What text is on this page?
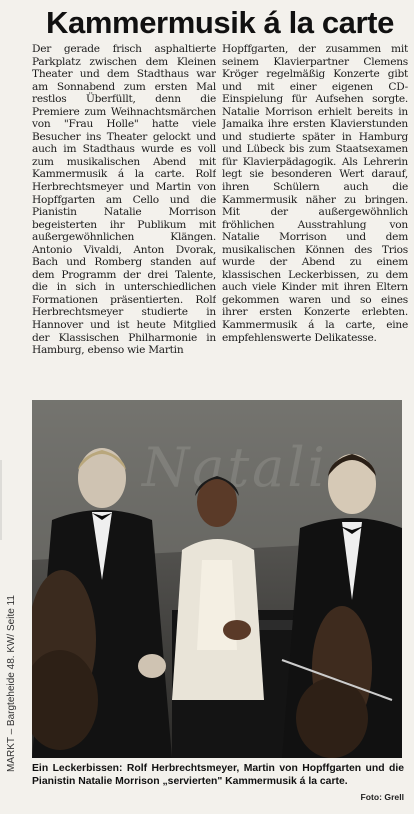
Kammermusik á la carte
Der gerade frisch asphaltierte Parkplatz zwischen dem Kleinen Theater und dem Stadthaus war am Sonnabend zum ersten Mal restlos Überfüllt, denn die Premiere zum Weihnachtsmärchen von "Frau Holle" hatte viele Besucher ins Theater gelockt und auch im Stadthaus wurde es voll zum musikalischen Abend mit Kammermusik á la carte. Rolf Herbrechtsmeyer und Martin von Hopffgarten am Cello und die Pianistin Natalie Morrison begeisterten ihr Publikum mit außergewöhnlichen Klängen. Antonio Vivaldi, Anton Dvorak, Bach und Romberg standen auf dem Programm der drei Talente, die in sich in unterschiedlichen Formationen präsentierten. Rolf Herbrechtsmeyer studierte in Hannover und ist heute Mitglied der Klassischen Philharmonie in Hamburg, ebenso wie Martin
Hopffgarten, der zusammen mit seinem Klavierpartner Clemens Kröger regelmäßig Konzerte gibt und mit einer eigenen CD-Einspielung für Aufsehen sorgte. Natalie Morrison erhielt bereits in Jamaika ihre ersten Klavierstunden und studierte später in Hamburg und Lübeck bis zum Staatsexamen für Klavierpädagogik. Als Lehrerin legt sie besonderen Wert darauf, ihren Schülern auch die Kammermusik näher zu bringen. Mit der außergewöhnlich fröhlichen Ausstrahlung von Natalie Morrison und dem musikalischen Können des Trios wurde der Abend zu einem klassischen Leckerbissen, zu dem auch viele Kinder mit ihren Eltern gekommen waren und so eines ihrer ersten Konzerte erlebten. Kammermusik á la carte, eine empfehlenswerte Delikatesse.
Ein Leckerbissen: Rolf Herbrechtsmeyer, Martin von Hopffgarten und die Pianistin Natalie Morrison „servierten" Kammermusik á la carte.
Foto: Grell
MARKT – Bargteheide 48. KW/ Seite 11
